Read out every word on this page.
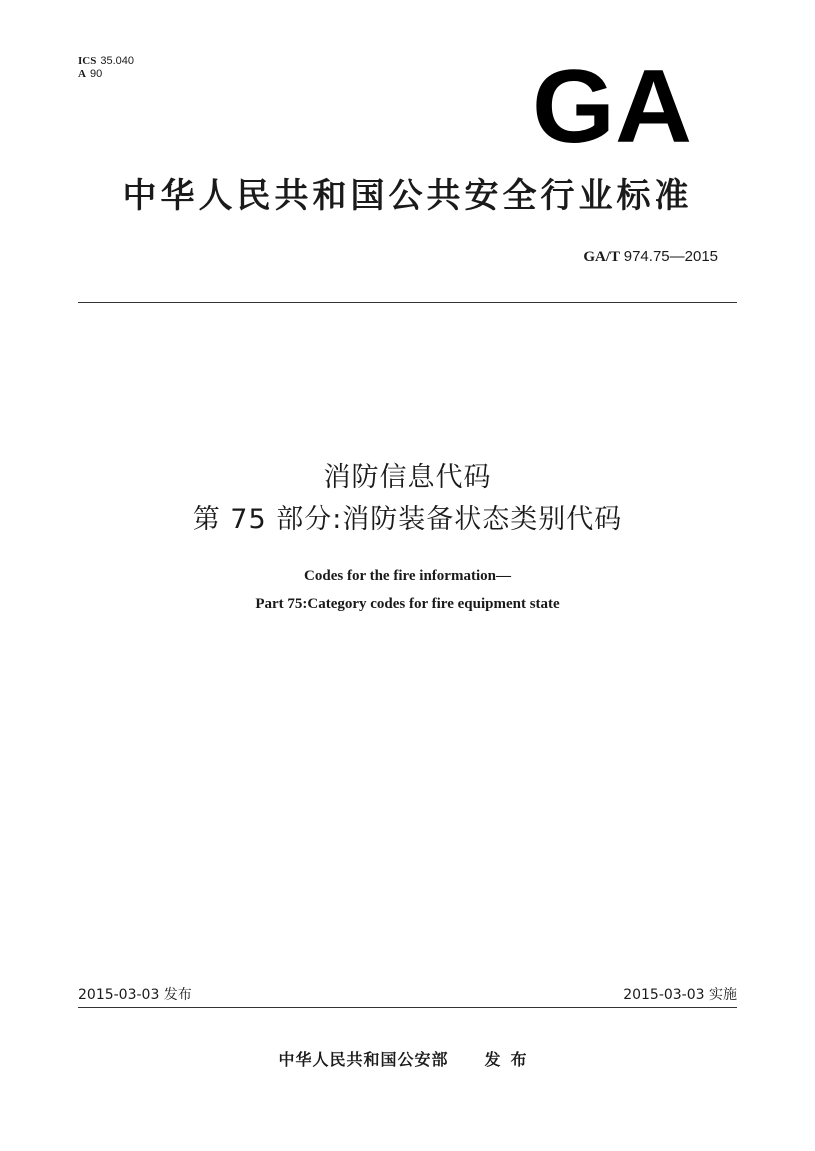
ICS 35.040
A 90	GA
中华人民共和国公共安全行业标准
GA/T 974.75—2015
消防信息代码
第 75 部分:消防装备状态类别代码
Codes for the fire information—
Part 75:Category codes for fire equipment state
2015-03-03 发布	2015-03-03 实施
中华人民共和国公安部 发布
